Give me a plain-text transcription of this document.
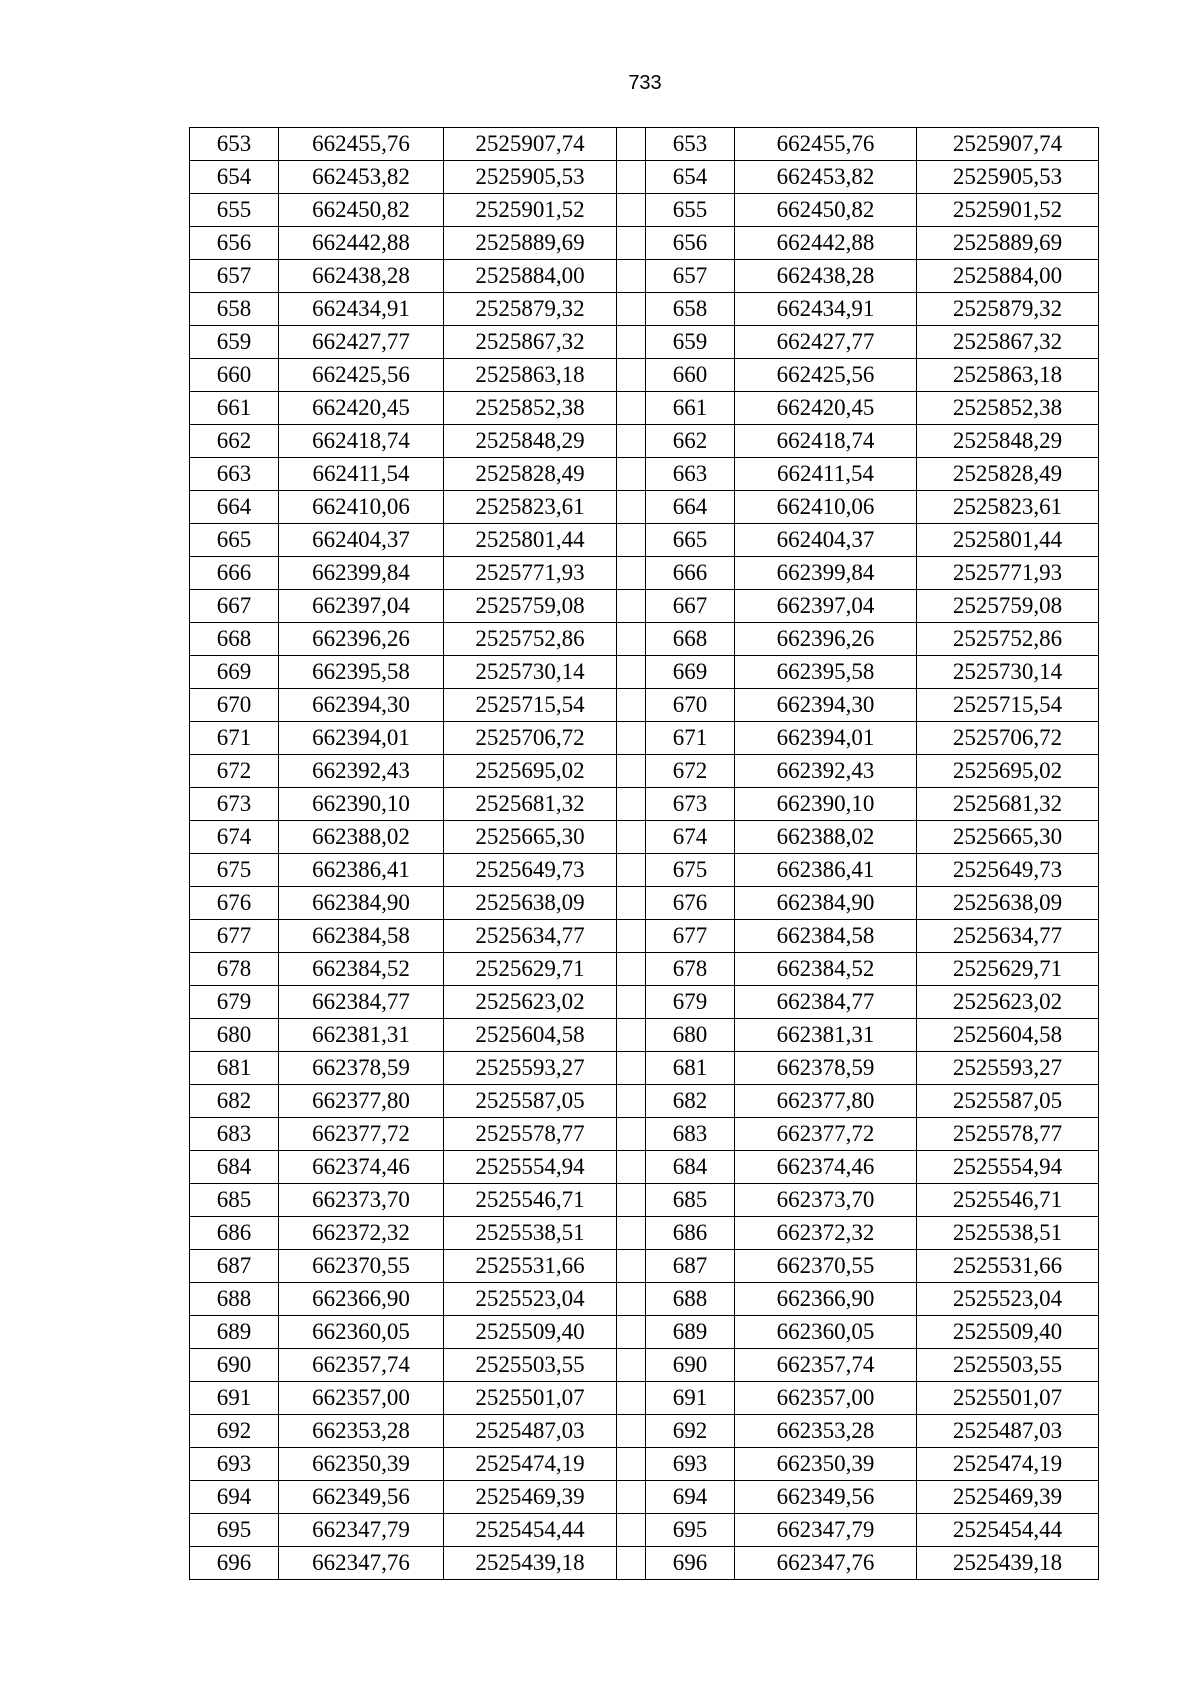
733
653	662455,76	2525907,74		653	662455,76	2525907,74
654	662453,82	2525905,53		654	662453,82	2525905,53
655	662450,82	2525901,52		655	662450,82	2525901,52
656	662442,88	2525889,69		656	662442,88	2525889,69
657	662438,28	2525884,00		657	662438,28	2525884,00
658	662434,91	2525879,32		658	662434,91	2525879,32
659	662427,77	2525867,32		659	662427,77	2525867,32
660	662425,56	2525863,18		660	662425,56	2525863,18
661	662420,45	2525852,38		661	662420,45	2525852,38
662	662418,74	2525848,29		662	662418,74	2525848,29
663	662411,54	2525828,49		663	662411,54	2525828,49
664	662410,06	2525823,61		664	662410,06	2525823,61
665	662404,37	2525801,44		665	662404,37	2525801,44
666	662399,84	2525771,93		666	662399,84	2525771,93
667	662397,04	2525759,08		667	662397,04	2525759,08
668	662396,26	2525752,86		668	662396,26	2525752,86
669	662395,58	2525730,14		669	662395,58	2525730,14
670	662394,30	2525715,54		670	662394,30	2525715,54
671	662394,01	2525706,72		671	662394,01	2525706,72
672	662392,43	2525695,02		672	662392,43	2525695,02
673	662390,10	2525681,32		673	662390,10	2525681,32
674	662388,02	2525665,30		674	662388,02	2525665,30
675	662386,41	2525649,73		675	662386,41	2525649,73
676	662384,90	2525638,09		676	662384,90	2525638,09
677	662384,58	2525634,77		677	662384,58	2525634,77
678	662384,52	2525629,71		678	662384,52	2525629,71
679	662384,77	2525623,02		679	662384,77	2525623,02
680	662381,31	2525604,58		680	662381,31	2525604,58
681	662378,59	2525593,27		681	662378,59	2525593,27
682	662377,80	2525587,05		682	662377,80	2525587,05
683	662377,72	2525578,77		683	662377,72	2525578,77
684	662374,46	2525554,94		684	662374,46	2525554,94
685	662373,70	2525546,71		685	662373,70	2525546,71
686	662372,32	2525538,51		686	662372,32	2525538,51
687	662370,55	2525531,66		687	662370,55	2525531,66
688	662366,90	2525523,04		688	662366,90	2525523,04
689	662360,05	2525509,40		689	662360,05	2525509,40
690	662357,74	2525503,55		690	662357,74	2525503,55
691	662357,00	2525501,07		691	662357,00	2525501,07
692	662353,28	2525487,03		692	662353,28	2525487,03
693	662350,39	2525474,19		693	662350,39	2525474,19
694	662349,56	2525469,39		694	662349,56	2525469,39
695	662347,79	2525454,44		695	662347,79	2525454,44
696	662347,76	2525439,18		696	662347,76	2525439,18
